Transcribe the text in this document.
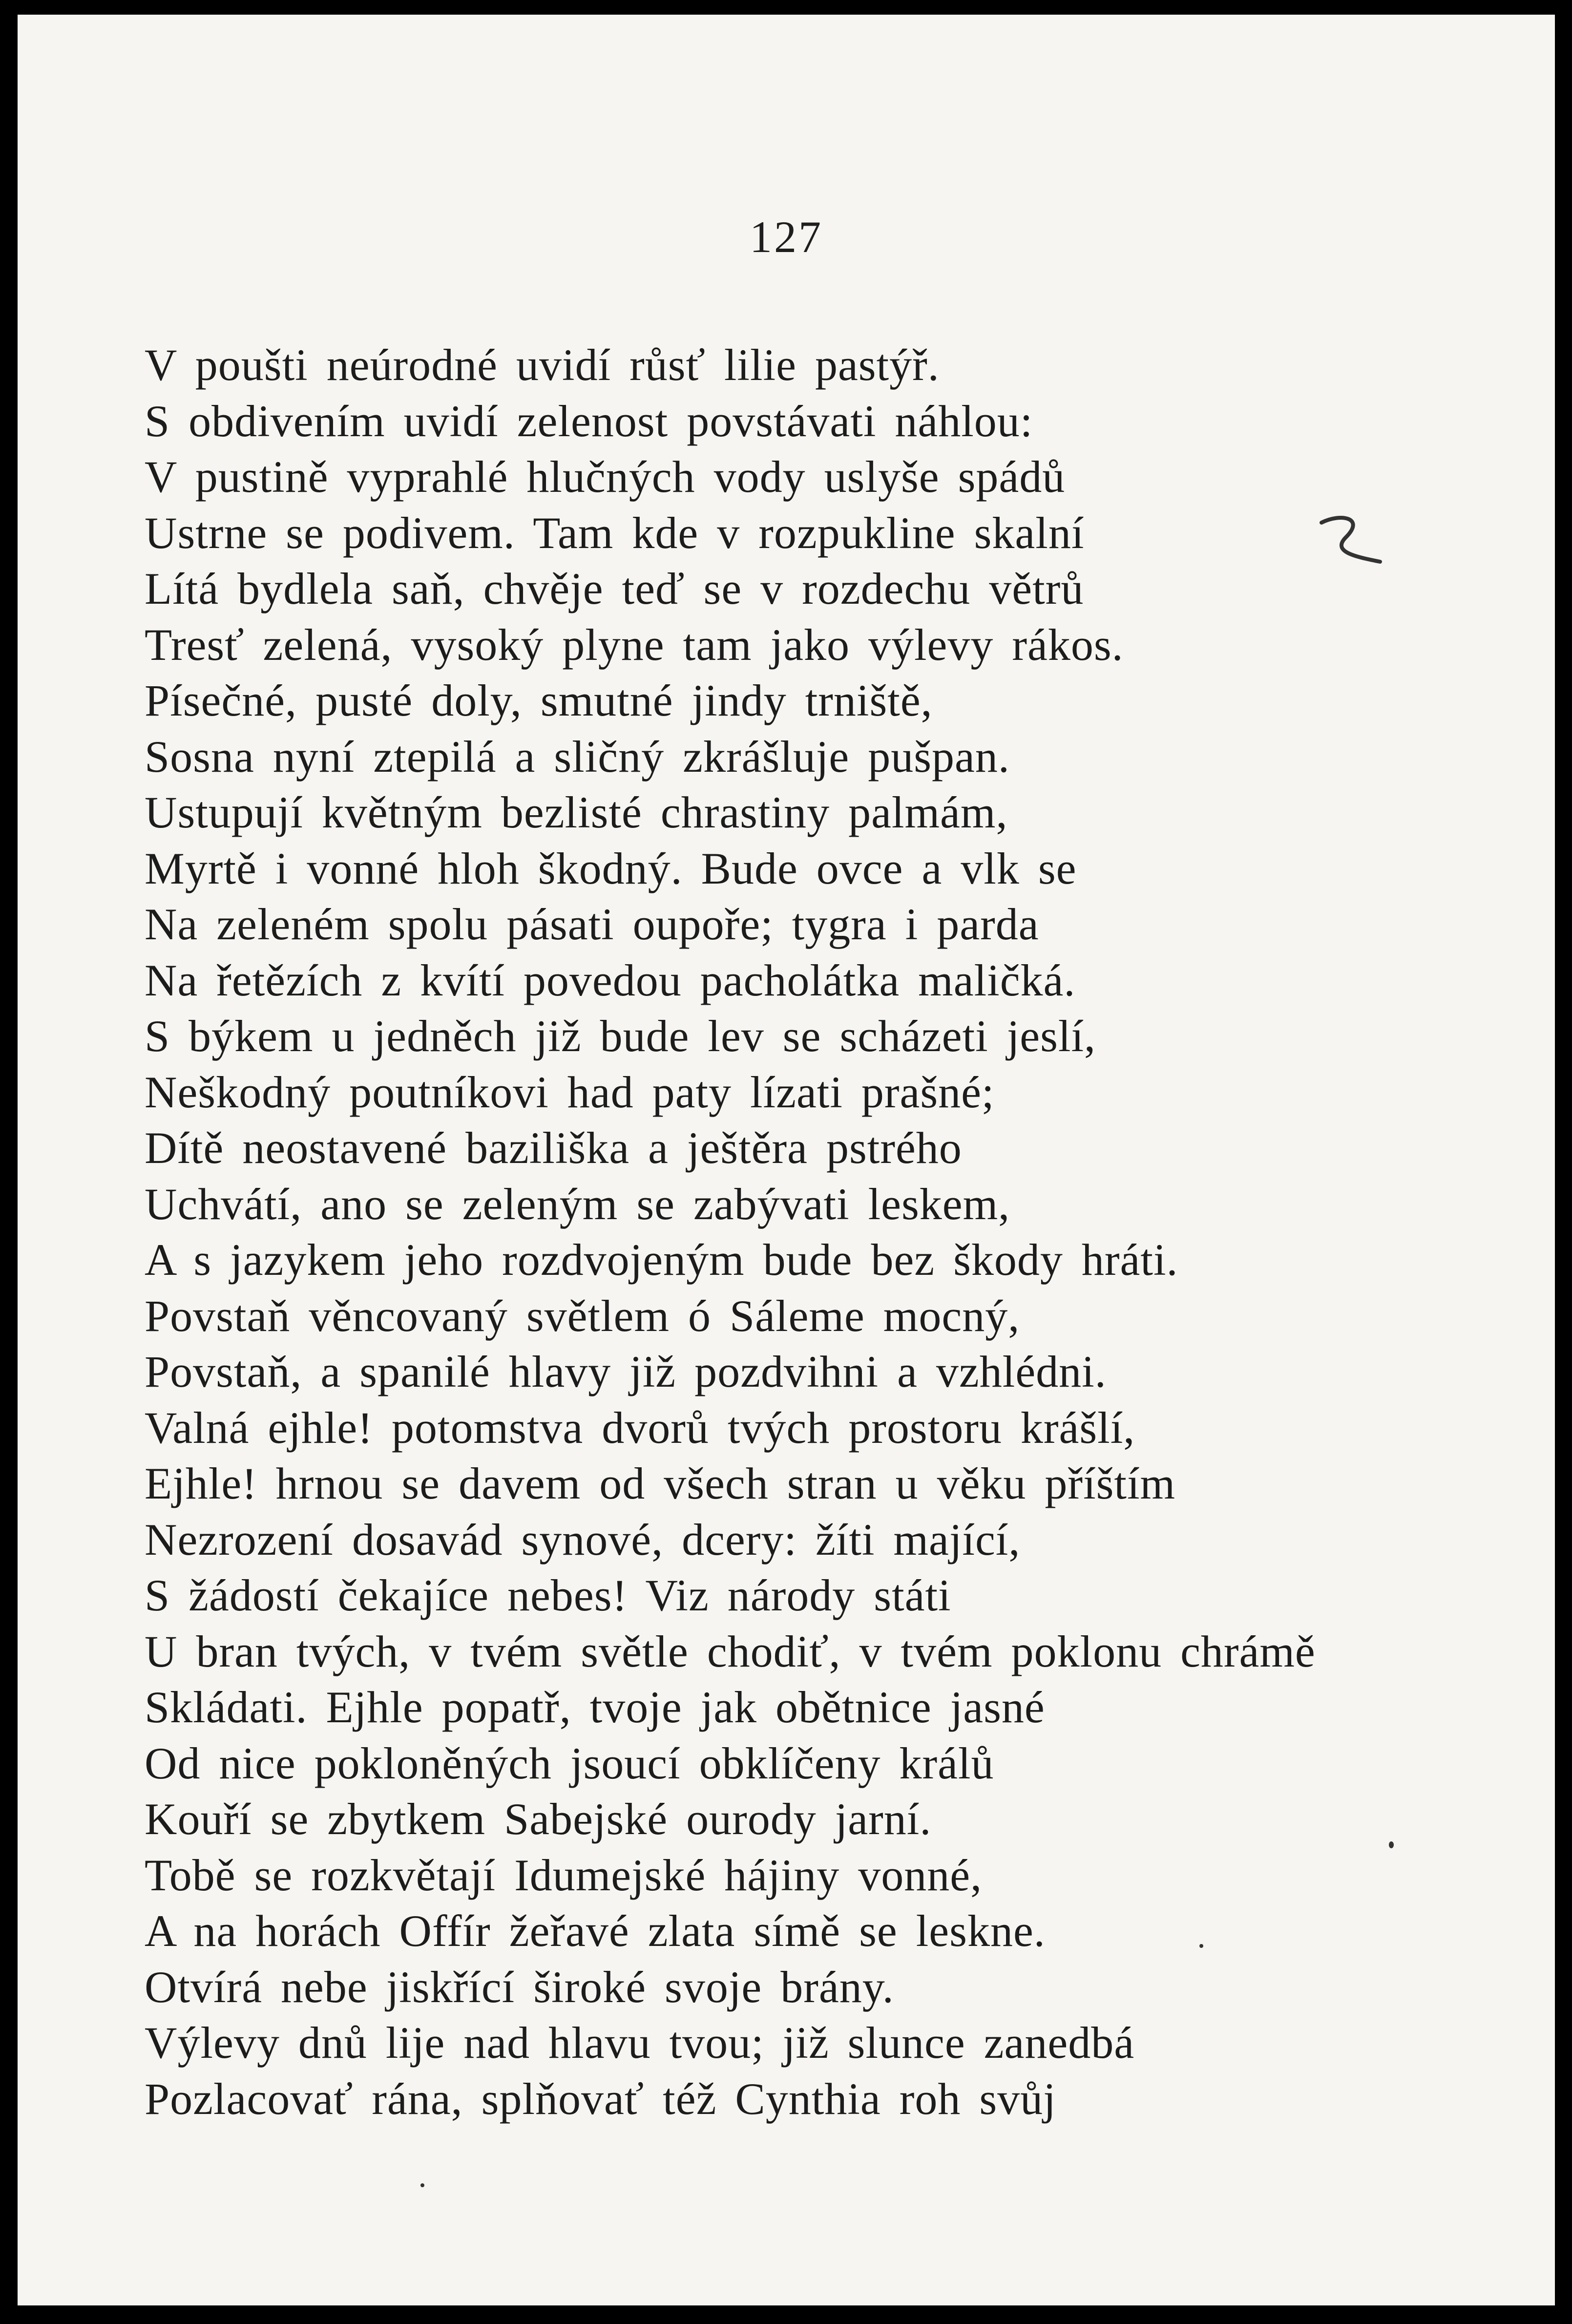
127
V poušti neúrodné uvidí růsť lilie pastýř.
S obdivením uvidí zelenost povstávati náhlou:
V pustině vyprahlé hlučných vody uslyše spádů
Ustrne se podivem. Tam kde v rozpukline skalní
Lítá bydlela saň, chvěje teď se v rozdechu větrů
Tresť zelená, vysoký plyne tam jako výlevy rákos.
Písečné, pusté doly, smutné jindy trniště,
Sosna nyní ztepilá a sličný zkrášluje pušpan.
Ustupují květným bezlisté chrastiny palmám,
Myrtě i vonné hloh škodný. Bude ovce a vlk se
Na zeleném spolu pásati oupoře; tygra i parda
Na řetězích z kvítí povedou pacholátka maličká.
S býkem u jedněch již bude lev se scházeti jeslí,
Neškodný poutníkovi had paty lízati prašné;
Dítě neostavené baziliška a ještěra pstrého
Uchvátí, ano se zeleným se zabývati leskem,
A s jazykem jeho rozdvojeným bude bez škody hráti.
Povstaň věncovaný světlem ó Sáleme mocný,
Povstaň, a spanilé hlavy již pozdvihni a vzhlédni.
Valná ejhle! potomstva dvorů tvých prostoru krášlí,
Ejhle! hrnou se davem od všech stran u věku příštím
Nezrození dosavád synové, dcery: žíti mající,
S žádostí čekajíce nebes! Viz národy státi
U bran tvých, v tvém světle chodiť, v tvém poklonu chrámě
Skládati. Ejhle popatř, tvoje jak obětnice jasné
Od nice pokloněných jsoucí obklíčeny králů
Kouří se zbytkem Sabejské ourody jarní.
Tobě se rozkvětají Idumejské hájiny vonné,
A na horách Offír žeřavé zlata símě se leskne.
Otvírá nebe jiskřící široké svoje brány.
Výlevy dnů lije nad hlavu tvou; již slunce zanedbá
Pozlacovať rána, splňovať též Cynthia roh svůj
